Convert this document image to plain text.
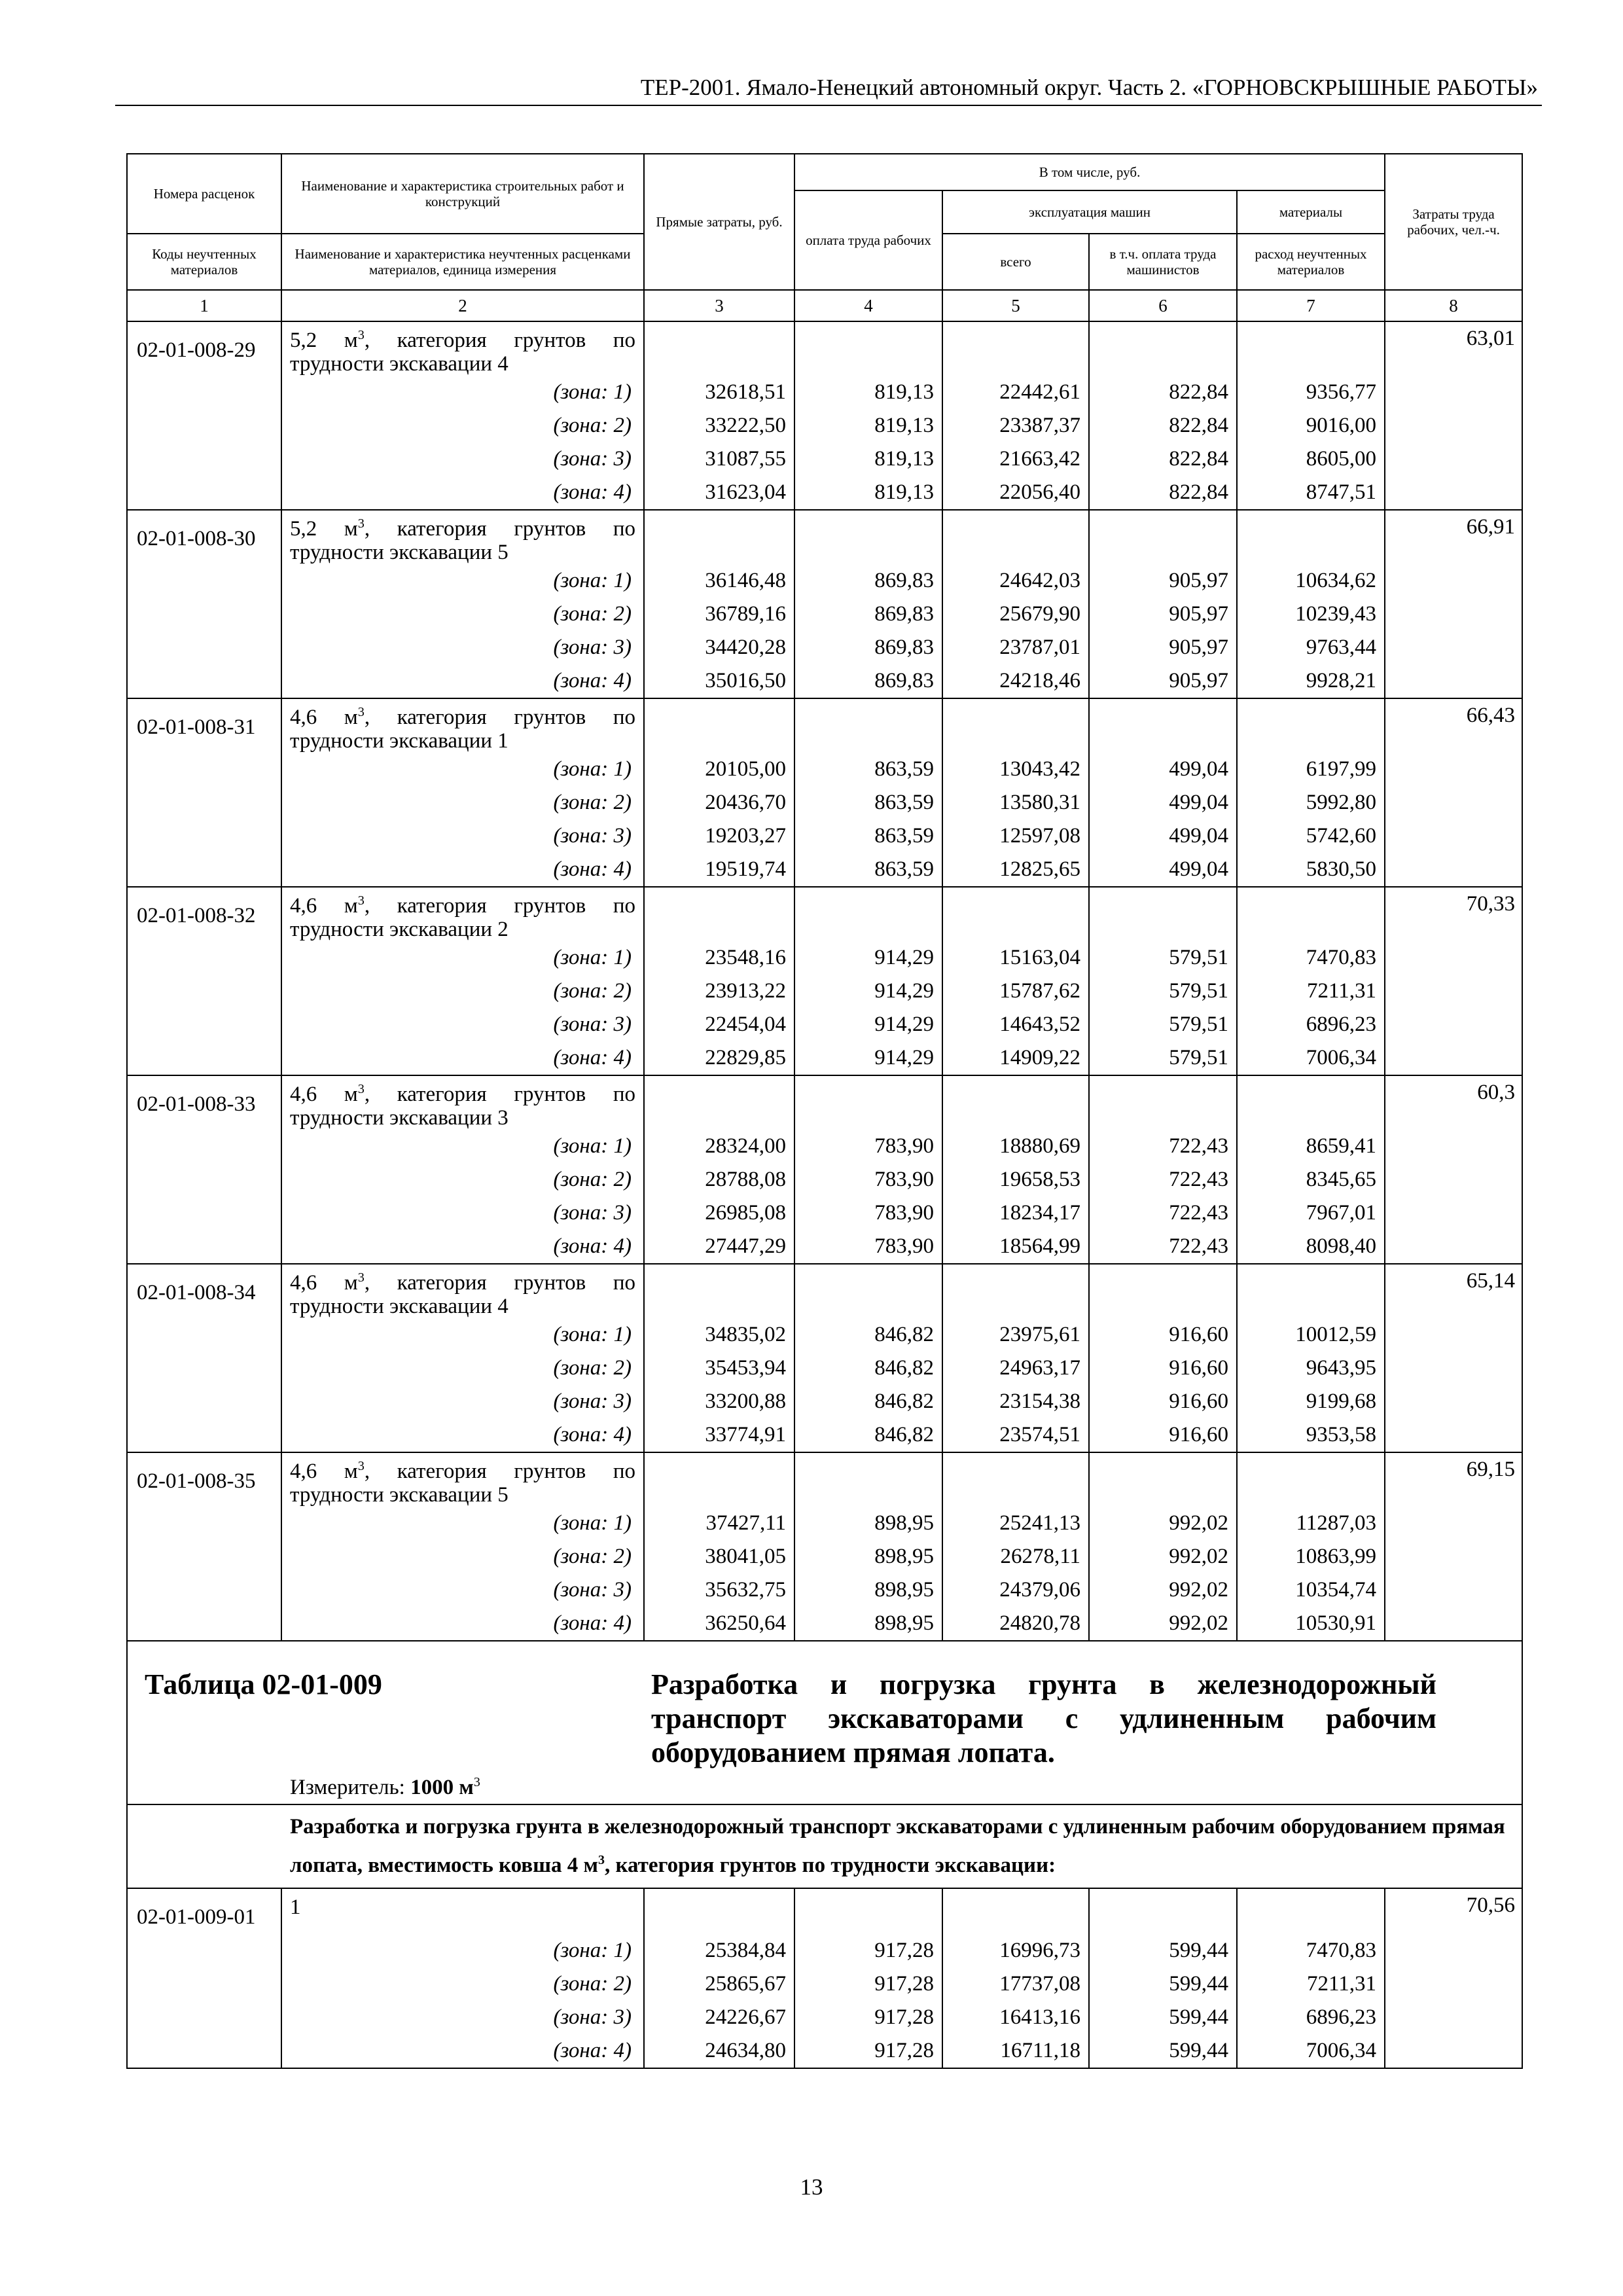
ТЕР-2001. Ямало-Ненецкий автономный округ. Часть 2. «ГОРНОВСКРЫШНЫЕ РАБОТЫ»
Номера расценок	Наименование и характеристика строительных работ и конструкций	Прямые затраты, руб.	В том числе, руб.				Затраты труда рабочих, чел.-ч.
			оплата труда рабочих	эксплуатация машин		материалы	
Коды неучтенных материалов	Наименование и характеристика неучтенных расценками материалов, единица измерения			всего	в т.ч. оплата труда машинистов	расход неучтенных материалов	
1	2	3	4	5	6	7	8
02-01-008-29	5,2 $м^3$, категория грунтов по трудности экскавации 4						63,01
	(зона: 1)	32618,51	819,13	22442,61	822,84	9356,77	
	(зона: 2)	33222,50	819,13	23387,37	822,84	9016,00	
	(зона: 3)	31087,55	819,13	21663,42	822,84	8605,00	
	(зона: 4)	31623,04	819,13	22056,40	822,84	8747,51	
02-01-008-30	5,2 $м^3$, категория грунтов по трудности экскавации 5						66,91
	(зона: 1)	36146,48	869,83	24642,03	905,97	10634,62	
	(зона: 2)	36789,16	869,83	25679,90	905,97	10239,43	
	(зона: 3)	34420,28	869,83	23787,01	905,97	9763,44	
	(зона: 4)	35016,50	869,83	24218,46	905,97	9928,21	
02-01-008-31	4,6 $м^3$, категория грунтов по трудности экскавации 1						66,43
	(зона: 1)	20105,00	863,59	13043,42	499,04	6197,99	
	(зона: 2)	20436,70	863,59	13580,31	499,04	5992,80	
	(зона: 3)	19203,27	863,59	12597,08	499,04	5742,60	
	(зона: 4)	19519,74	863,59	12825,65	499,04	5830,50	
02-01-008-32	4,6 $м^3$, категория грунтов по трудности экскавации 2						70,33
	(зона: 1)	23548,16	914,29	15163,04	579,51	7470,83	
	(зона: 2)	23913,22	914,29	15787,62	579,51	7211,31	
	(зона: 3)	22454,04	914,29	14643,52	579,51	6896,23	
	(зона: 4)	22829,85	914,29	14909,22	579,51	7006,34	
02-01-008-33	4,6 $м^3$, категория грунтов по трудности экскавации 3						60,3
	(зона: 1)	28324,00	783,90	18880,69	722,43	8659,41	
	(зона: 2)	28788,08	783,90	19658,53	722,43	8345,65	
	(зона: 3)	26985,08	783,90	18234,17	722,43	7967,01	
	(зона: 4)	27447,29	783,90	18564,99	722,43	8098,40	
02-01-008-34	4,6 $м^3$, категория грунтов по трудности экскавации 4						65,14
	(зона: 1)	34835,02	846,82	23975,61	916,60	10012,59	
	(зона: 2)	35453,94	846,82	24963,17	916,60	9643,95	
	(зона: 3)	33200,88	846,82	23154,38	916,60	9199,68	
	(зона: 4)	33774,91	846,82	23574,51	916,60	9353,58	
02-01-008-35	4,6 $м^3$, категория грунтов по трудности экскавации 5						69,15
	(зона: 1)	37427,11	898,95	25241,13	992,02	11287,03	
	(зона: 2)	38041,05	898,95	26278,11	992,02	10863,99	
	(зона: 3)	35632,75	898,95	24379,06	992,02	10354,74	
	(зона: 4)	36250,64	898,95	24820,78	992,02	10530,91	

Таблица 02-01-009 Разработка и погрузка грунта в железнодорожный транспорт экскаваторами с удлиненным рабочим оборудованием прямая лопата.
Измеритель: 1000 $м^3$

Разработка и погрузка грунта в железнодорожный транспорт экскаваторами с удлиненным рабочим оборудованием прямая лопата, вместимость ковша 4 $м^3$, категория грунтов по трудности экскавации:							
02-01-009-01	1						70,56
	(зона: 1)	25384,84	917,28	16996,73	599,44	7470,83	
	(зона: 2)	25865,67	917,28	17737,08	599,44	7211,31	
	(зона: 3)	24226,67	917,28	16413,16	599,44	6896,23	
	(зона: 4)	24634,80	917,28	16711,18	599,44	7006,34	
13
